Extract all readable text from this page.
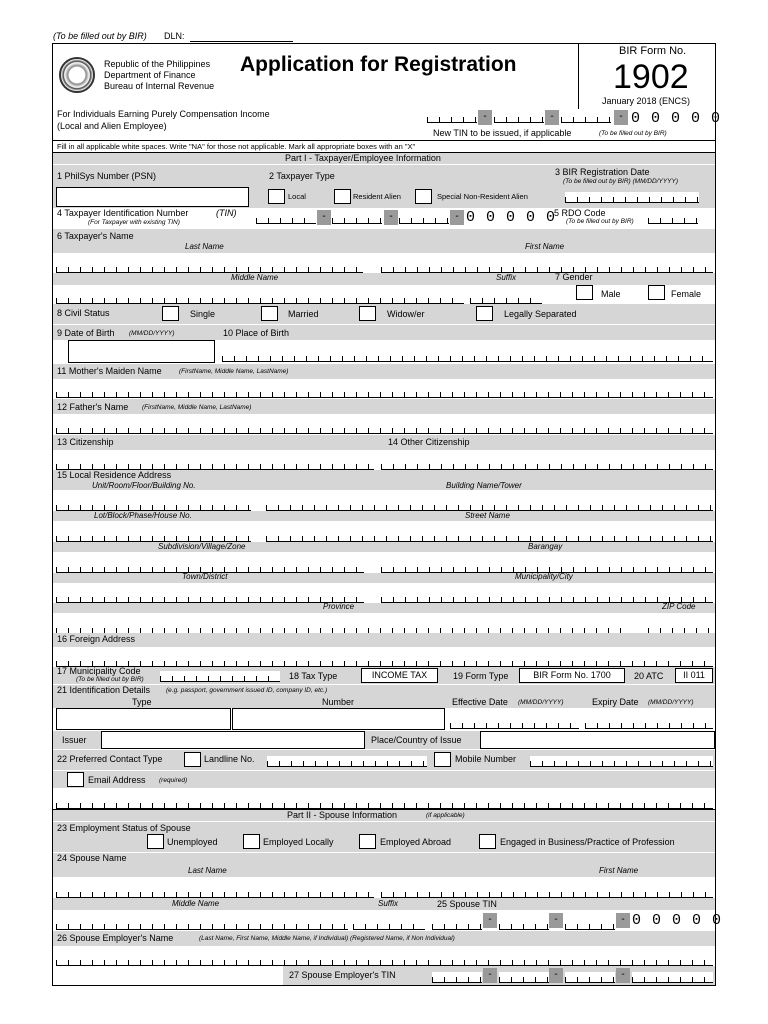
(To be filled out by BIR) DLN:
Republic of the Philippines
Department of Finance
Bureau of Internal Revenue
Application for Registration
BIR Form No.
1902
January 2018 (ENCS)
For Individuals Earning Purely Compensation Income
(Local and Alien Employee)
-	-	- 0 0 0 0 0
New TIN to be issued, if applicable	(To be filled out by BIR)
Fill in all applicable white spaces. Write "NA" for those not applicable. Mark all appropriate boxes with an "X"
Part I - Taxpayer/Employee Information
1 PhilSys Number (PSN)	2 Taxpayer Type
Local	Resident Alien	Special Non-Resident Alien
3 BIR Registration Date
(To be filled out by BIR) (MM/DD/YYYY)
4 Taxpayer Identification Number	(TIN)
(For Taxpayer with existing TIN)
-	-	- 0 0 0 0 0
5 RDO Code
(To be filled out by BIR)
6 Taxpayer's Name
Last Name	First Name
Middle Name	Suffix	7 Gender
Male	Female
8 Civil Status	Single	Married	Widow/er	Legally Separated
9 Date of Birth (MM/DD/YYYY)	10 Place of Birth
11 Mother's Maiden Name	(FirstName, Middle Name, LastName)
12 Father's Name (FirstName, Middle Name, LastName)
13 Citizenship	14 Other Citizenship
15 Local Residence Address
Unit/Room/Floor/Building No.	Building Name/Tower
Lot/Block/Phase/House No.	Street Name
Subdivision/Village/Zone	Barangay
Town/District	Municipality/City
Province	ZIP Code
16 Foreign Address
17 Municipality Code
(To be filled out by BIR)	18 Tax Type	INCOME TAX	19 Form Type	BIR Form No. 1700	20 ATC	II 011
21 Identification Details (e.g. passport, government issued ID, company ID, etc.)
Type	Number	Effective Date (MM/DD/YYYY)	Expiry Date (MM/DD/YYYY)
Issuer	Place/Country of Issue
22 Preferred Contact Type	Landline No.	Mobile Number
Email Address (required)
Part II - Spouse Information	(if applicable)
23 Employment Status of Spouse
Unemployed	Employed Locally	Employed Abroad	Engaged in Business/Practice of Profession
24 Spouse Name
Last Name	First Name
Middle Name	Suffix	25 Spouse TIN
-	-	- 0 0 0 0 0
26 Spouse Employer's Name	(Last Name, First Name, Middle Name, if Individual) (Registered Name, if Non Individual)
27 Spouse Employer's TIN	-	-	-
